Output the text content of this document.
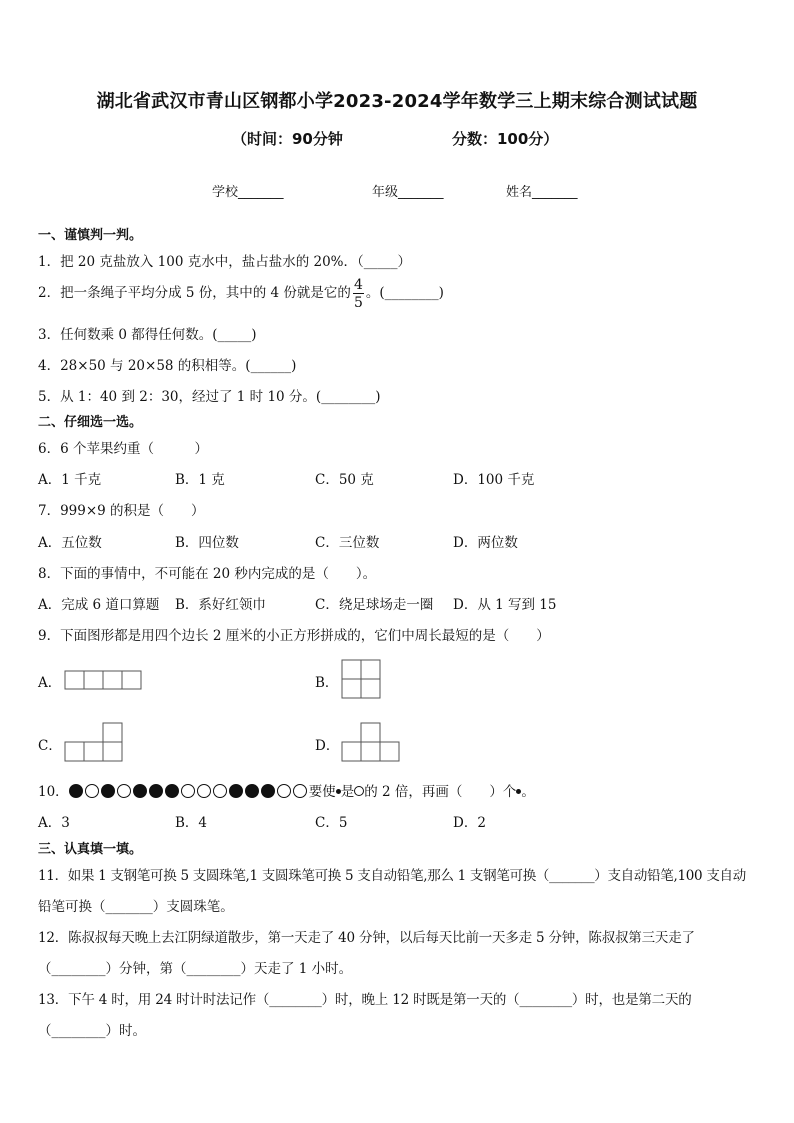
湖北省武汉市青山区钢都小学2023-2024学年数学三上期末综合测试试题
（时间：90分钟	分数：100分）
学校_______	年级_______	姓名_______
一、谨慎判一判。
1．把 20 克盐放入 100 克水中，盐占盐水的 20%．（_____）
2．把一条绳子平均分成 5 份，其中的 4 份就是它的 $\frac{4}{5}$ 。(________)
3．任何数乘 0 都得任何数。(_____)
4．28×50 与 20×58 的积相等。(______)
5．从 1：40 到 2：30，经过了 1 时 10 分。(________)
二、仔细选一选。
6．6 个苹果约重（　　　）
A．1 千克	B．1 克	C．50 克	D．100 千克
7．999×9 的积是（　　）
A．五位数	B．四位数	C．三位数	D．两位数
8．下面的事情中，不可能在 20 秒内完成的是（　　）。
A．完成 6 道口算题 B．系好红领巾	C．绕足球场走一圈 D．从 1 写到 15
9．下面图形都是用四个边长 2 厘米的小正方形拼成的，它们中周长最短的是（　　）
A．	B．
C．	D．
10．	要使 是 的 2 倍，再画（　　）个 。
A．3	B．4	C．5	D．2
三、认真填一填。
11．如果 1 支钢笔可换 5 支圆珠笔,1 支圆珠笔可换 5 支自动铅笔,那么 1 支钢笔可换（_______）支自动铅笔,100 支自动
铅笔可换（_______）支圆珠笔。
12．陈叔叔每天晚上去江阴绿道散步，第一天走了 40 分钟，以后每天比前一天多走 5 分钟，陈叔叔第三天走了
（________）分钟，第（________）天走了 1 小时。
13．下午 4 时，用 24 时计时法记作（________）时，晚上 12 时既是第一天的（________）时，也是第二天的
（________）时。
